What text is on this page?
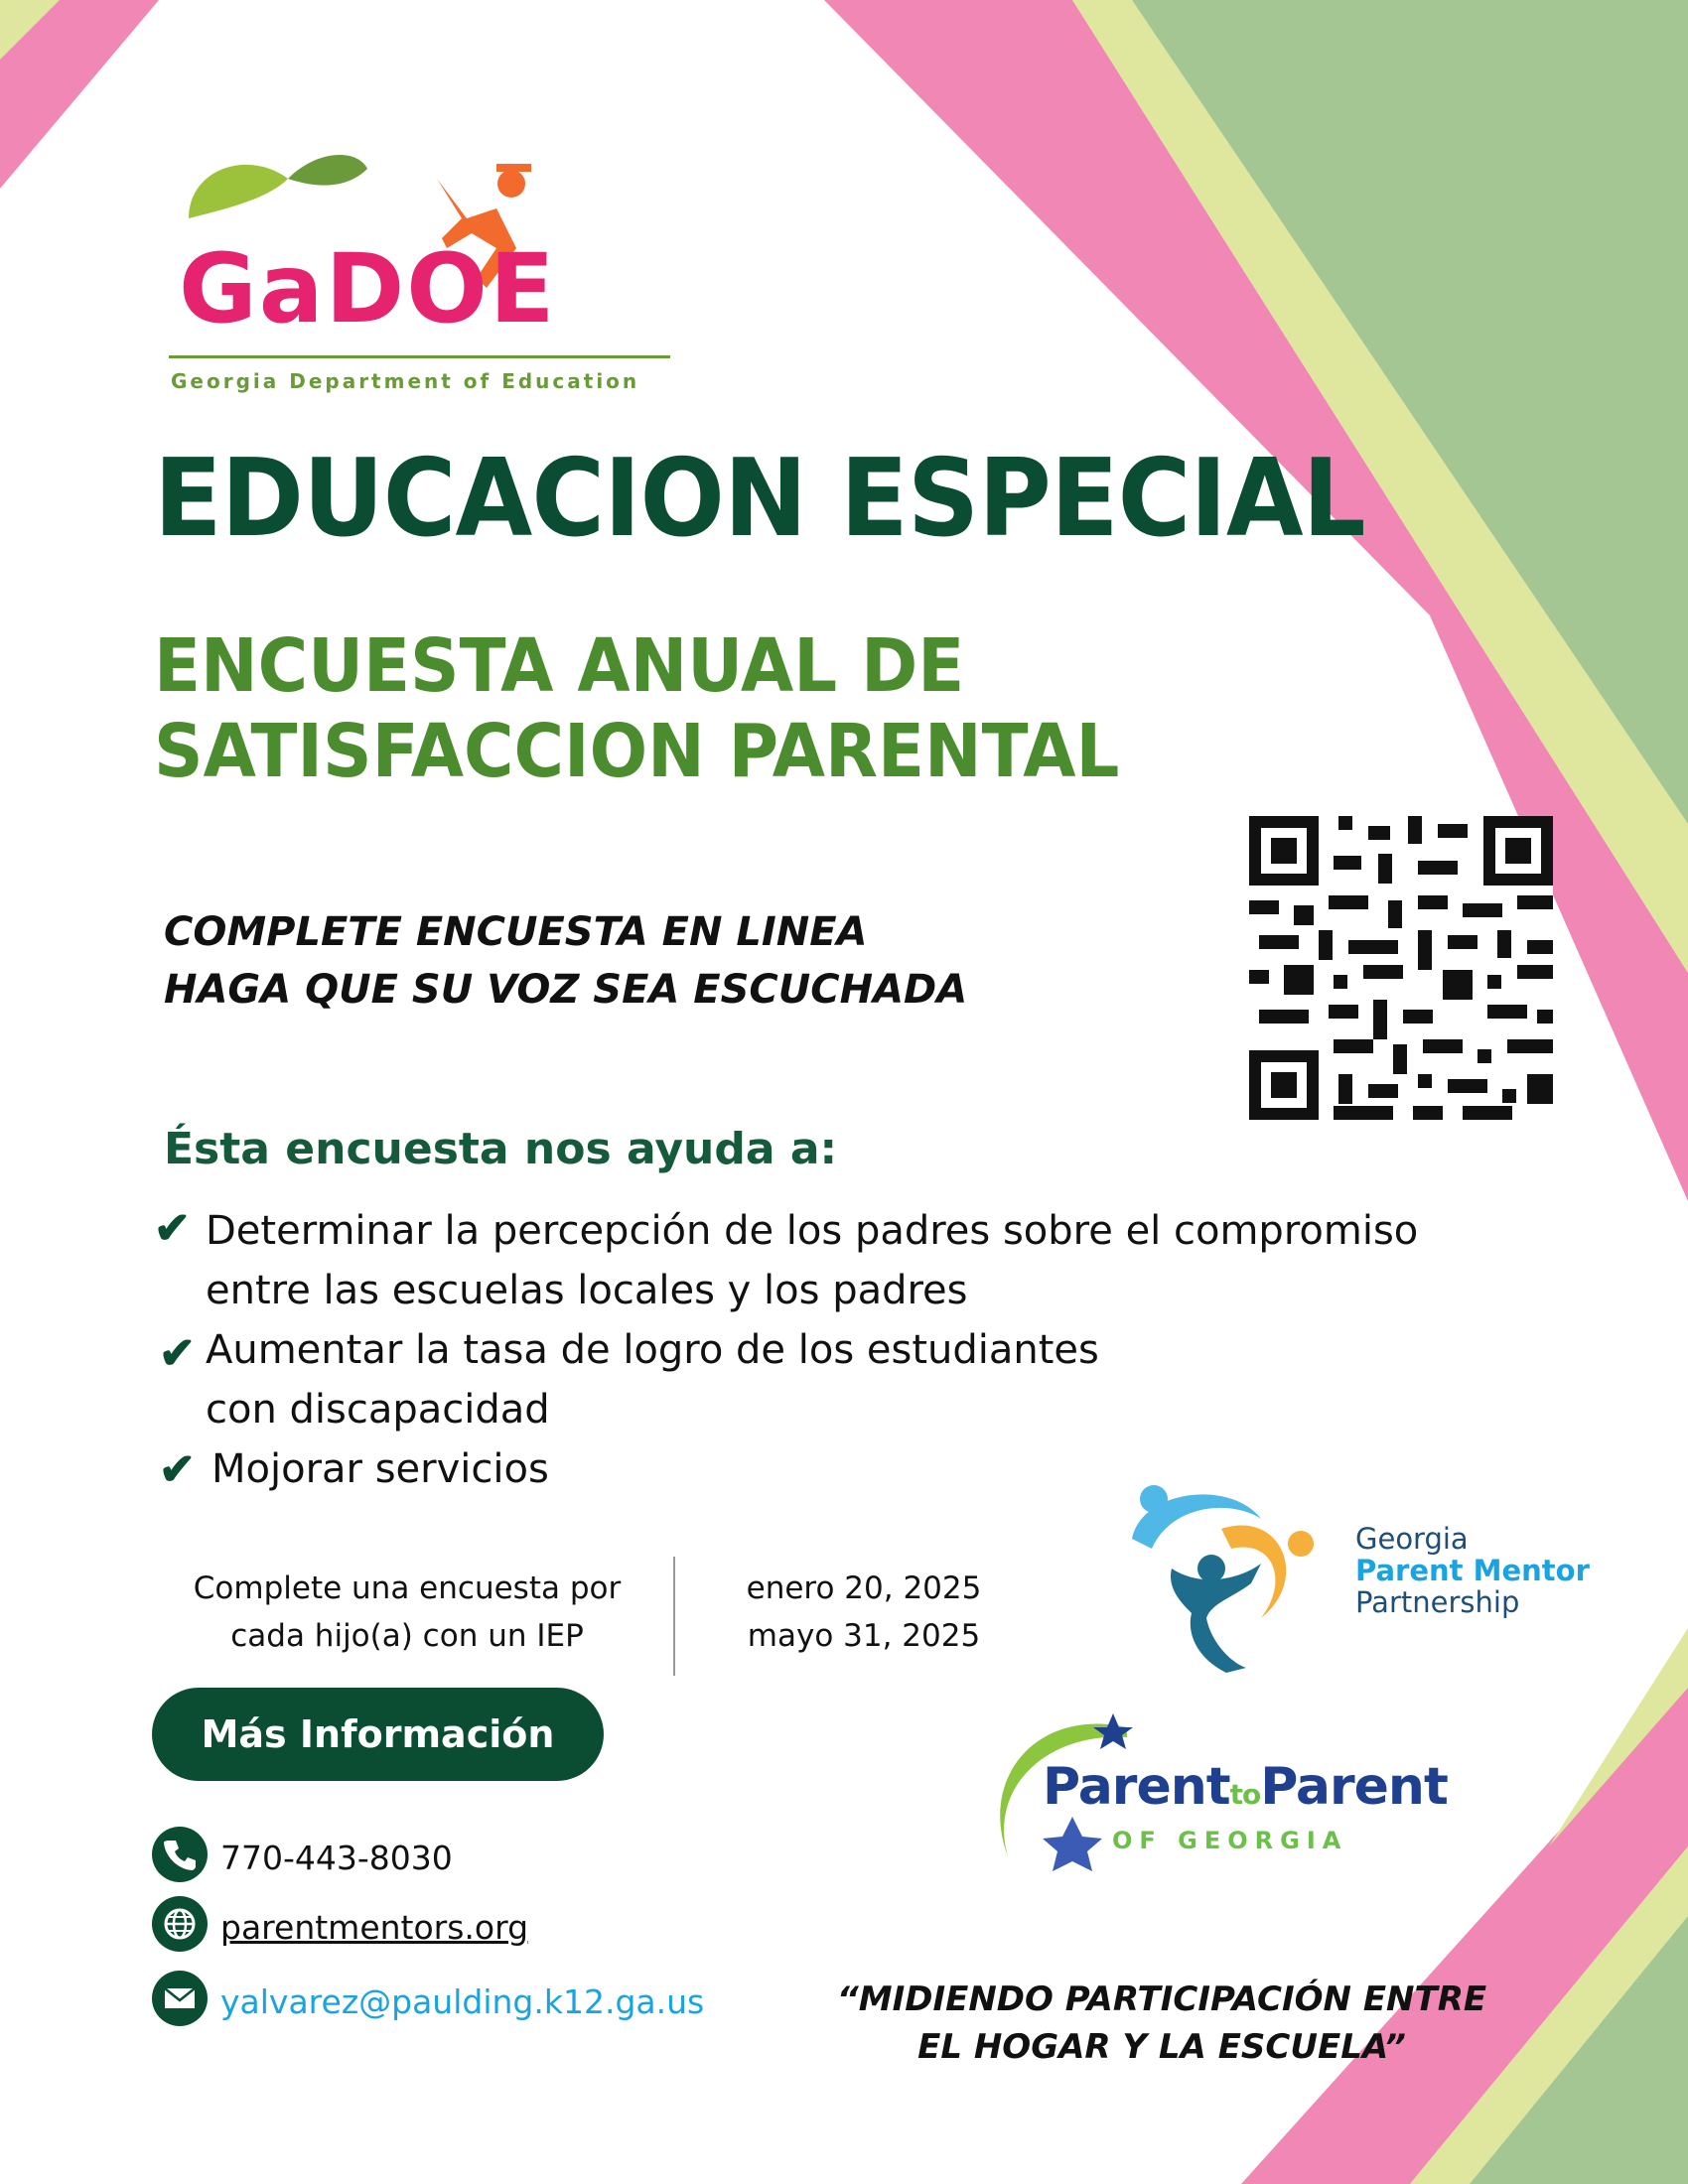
GaDOE
Georgia Department of Education
EDUCACION ESPECIAL
ENCUESTA ANUAL DE
SATISFACCION PARENTAL
COMPLETE ENCUESTA EN LINEA
HAGA QUE SU VOZ SEA ESCUCHADA
Ésta encuesta nos ayuda a:
✔ Determinar la percepción de los padres sobre el compromiso
entre las escuelas locales y los padres
✔ Aumentar la tasa de logro de los estudiantes
con discapacidad
✔ Mojorar servicios
Complete una encuesta por
cada hijo(a) con un IEP
enero 20, 2025
mayo 31, 2025
Más Información
770-443-8030
parentmentors.org
yalvarez@paulding.k12.ga.us
Georgia
Parent Mentor
Partnership
ParenttoParent
OF GEORGIA
“MIDIENDO PARTICIPACIÓN ENTRE
EL HOGAR Y LA ESCUELA”
